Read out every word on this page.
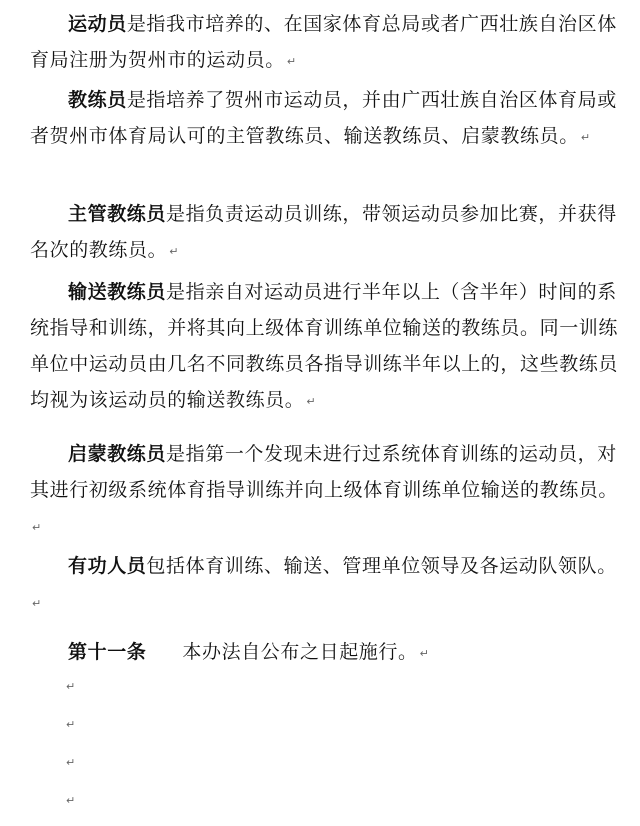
运动员是指我市培养的、在国家体育总局或者广西壮族自治区体育局注册为贺州市的运动员。 ↵

教练员是指培养了贺州市运动员，并由广西壮族自治区体育局或者贺州市体育局认可的主管教练员、输送教练员、启蒙教练员。 ↵

主管教练员是指负责运动员训练，带领运动员参加比赛，并获得名次的教练员。 ↵

输送教练员是指亲自对运动员进行半年以上（含半年）时间的系统指导和训练，并将其向上级体育训练单位输送的教练员。同一训练单位中运动员由几名不同教练员各指导训练半年以上的，这些教练员均视为该运动员的输送教练员。 ↵

启蒙教练员是指第一个发现未进行过系统体育训练的运动员，对其进行初级系统体育指导训练并向上级体育训练单位输送的教练员。↵

有功人员包括体育训练、输送、管理单位领导及各运动队领队。↵

第十一条 本办法自公布之日起施行。 ↵
↵
↵
↵
↵
